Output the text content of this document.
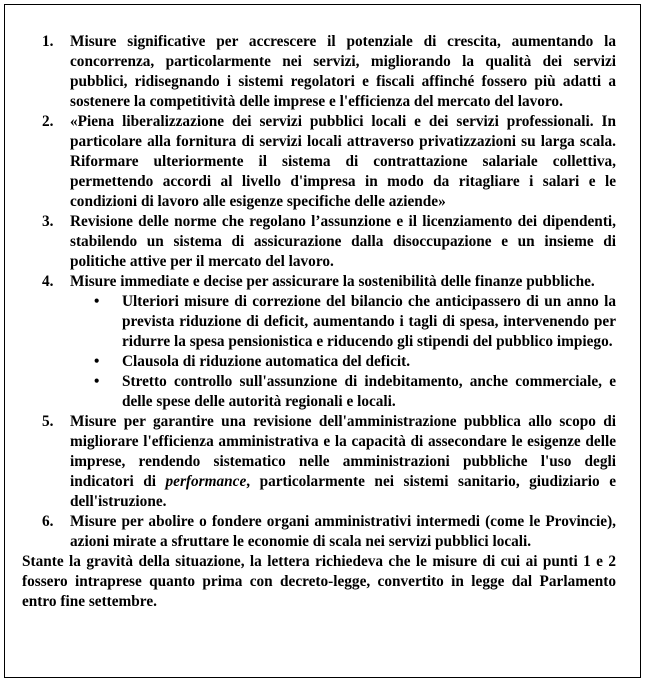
1.	Misure significative per accrescere il potenziale di crescita, aumentando la concorrenza, particolarmente nei servizi, migliorando la qualità dei servizi pubblici, ridisegnando i sistemi regolatori e fiscali affinché fossero più adatti a sostenere la competitività delle imprese e l'efficienza del mercato del lavoro.
2.	«Piena liberalizzazione dei servizi pubblici locali e dei servizi professionali. In particolare alla fornitura di servizi locali attraverso privatizzazioni su larga scala. Riformare ulteriormente il sistema di contrattazione salariale collettiva, permettendo accordi al livello d'impresa in modo da ritagliare i salari e le condizioni di lavoro alle esigenze specifiche delle aziende»
3.	Revisione delle norme che regolano l’assunzione e il licenziamento dei dipendenti, stabilendo un sistema di assicurazione dalla disoccupazione e un insieme di politiche attive per il mercato del lavoro.
4.	Misure immediate e decise per assicurare la sostenibilità delle finanze pubbliche.
• Ulteriori misure di correzione del bilancio che anticipassero di un anno la prevista riduzione di deficit, aumentando i tagli di spesa, intervenendo per ridurre la spesa pensionistica e riducendo gli stipendi del pubblico impiego.
• Clausola di riduzione automatica del deficit.
• Stretto controllo sull'assunzione di indebitamento, anche commerciale, e delle spese delle autorità regionali e locali.
5.	Misure per garantire una revisione dell'amministrazione pubblica allo scopo di migliorare l'efficienza amministrativa e la capacità di assecondare le esigenze delle imprese, rendendo sistematico nelle amministrazioni pubbliche l'uso degli indicatori di performance, particolarmente nei sistemi sanitario, giudiziario e dell'istruzione.
6.	Misure per abolire o fondere organi amministrativi intermedi (come le Provincie), azioni mirate a sfruttare le economie di scala nei servizi pubblici locali.

Stante la gravità della situazione, la lettera richiedeva che le misure di cui ai punti 1 e 2 fossero intraprese quanto prima con decreto-legge, convertito in legge dal Parlamento entro fine settembre.
